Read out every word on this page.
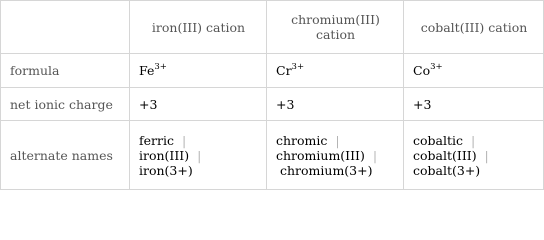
	iron(III) cation	chromium(III) cation	cobalt(III) cation
formula	$Fe^{3+}$	$Cr^{3+}$	$Co^{3+}$
net ionic charge	+3	+3	+3
alternate names	ferric |
iron(III) |
iron(3+)	chromic |
chromium(III) |
chromium(3+)	cobaltic |
cobalt(III) |
cobalt(3+)
